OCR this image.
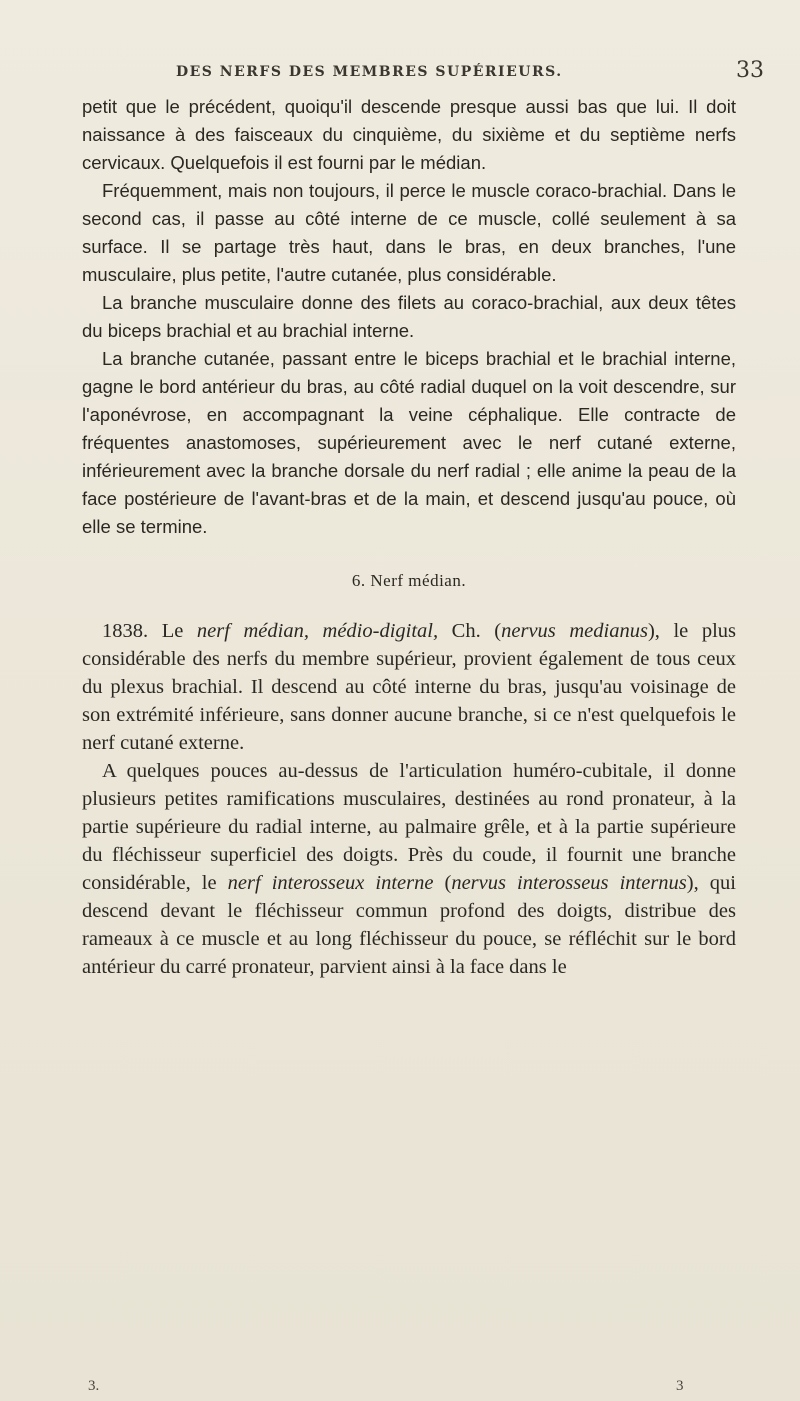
DES NERFS DES MEMBRES SUPÉRIEURS.	33

petit que le précédent, quoiqu'il descende presque aussi bas que lui. Il doit naissance à des faisceaux du cinquième, du sixième et du septième nerfs cervicaux. Quelquefois il est fourni par le médian.

Fréquemment, mais non toujours, il perce le muscle coraco-brachial. Dans le second cas, il passe au côté interne de ce muscle, collé seulement à sa surface. Il se partage très haut, dans le bras, en deux branches, l'une musculaire, plus petite, l'autre cutanée, plus considérable.

La branche musculaire donne des filets au coraco-brachial, aux deux têtes du biceps brachial et au brachial interne.

La branche cutanée, passant entre le biceps brachial et le brachial interne, gagne le bord antérieur du bras, au côté radial duquel on la voit descendre, sur l'aponévrose, en accompagnant la veine céphalique. Elle contracte de fréquentes anastomoses, supérieurement avec le nerf cutané externe, inférieurement avec la branche dorsale du nerf radial ; elle anime la peau de la face postérieure de l'avant-bras et de la main, et descend jusqu'au pouce, où elle se termine.

6. Nerf médian.

1838. Le nerf médian, médio-digital, Ch. (nervus medianus), le plus considérable des nerfs du membre supérieur, provient également de tous ceux du plexus brachial. Il descend au côté interne du bras, jusqu'au voisinage de son extrémité inférieure, sans donner aucune branche, si ce n'est quelquefois le nerf cutané externe.

A quelques pouces au-dessus de l'articulation huméro-cubitale, il donne plusieurs petites ramifications musculaires, destinées au rond pronateur, à la partie supérieure du radial interne, au palmaire grêle, et à la partie supérieure du fléchisseur superficiel des doigts. Près du coude, il fournit une branche considérable, le nerf interosseux interne (nervus interosseus internus), qui descend devant le fléchisseur commun profond des doigts, distribue des rameaux à ce muscle et au long fléchisseur du pouce, se réfléchit sur le bord antérieur du carré pronateur, parvient ainsi à la face dans le

3.	3
